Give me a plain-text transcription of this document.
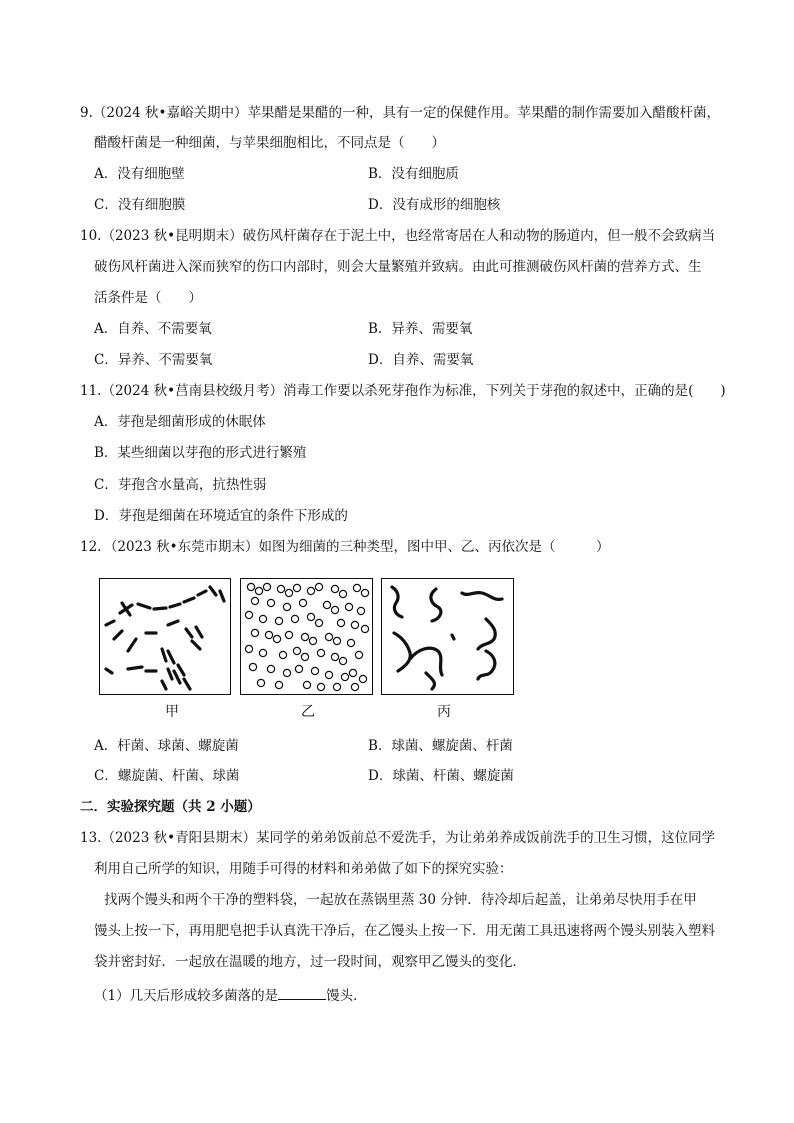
9.（2024 秋•嘉峪关期中）苹果醋是果醋的一种，具有一定的保健作用。苹果醋的制作需要加入醋酸杆菌，
醋酸杆菌是一种细菌，与苹果细胞相比，不同点是（　　）
A．没有细胞壁	B．没有细胞质
C．没有细胞膜	D．没有成形的细胞核
10.（2023 秋•昆明期末）破伤风杆菌存在于泥土中，也经常寄居在人和动物的肠道内，但一般不会致病当
破伤风杆菌进入深而狭窄的伤口内部时，则会大量繁殖并致病。由此可推测破伤风杆菌的营养方式、生
活条件是（　　）
A．自养、不需要氧	B．异养、需要氧
C．异养、不需要氧	D．自养、需要氧
11.（2024 秋•莒南县校级月考）消毒工作要以杀死芽孢作为标准，下列关于芽孢的叙述中，正确的是(　　)
A．芽孢是细菌形成的休眠体
B．某些细菌以芽孢的形式进行繁殖
C．芽孢含水量高，抗热性弱
D．芽孢是细菌在环境适宜的条件下形成的
12．（2023 秋•东莞市期末）如图为细菌的三种类型，图中甲、乙、丙依次是（　　　）
甲	乙	丙
A．杆菌、球菌、螺旋菌	B．球菌、螺旋菌、杆菌
C．螺旋菌、杆菌、球菌	D．球菌、杆菌、螺旋菌
二．实验探究题（共 2 小题）
13.（2023 秋•青阳县期末）某同学的弟弟饭前总不爱洗手，为让弟弟养成饭前洗手的卫生习惯，这位同学
利用自己所学的知识，用随手可得的材料和弟弟做了如下的探究实验：
找两个馒头和两个干净的塑料袋，一起放在蒸锅里蒸 30 分钟．待冷却后起盖，让弟弟尽快用手在甲
馒头上按一下，再用肥皂把手认真洗干净后，在乙馒头上按一下．用无菌工具迅速将两个馒头别装入塑料
袋并密封好．一起放在温暖的地方，过一段时间，观察甲乙馒头的变化．
（1）几天后形成较多菌落的是	馒头．
